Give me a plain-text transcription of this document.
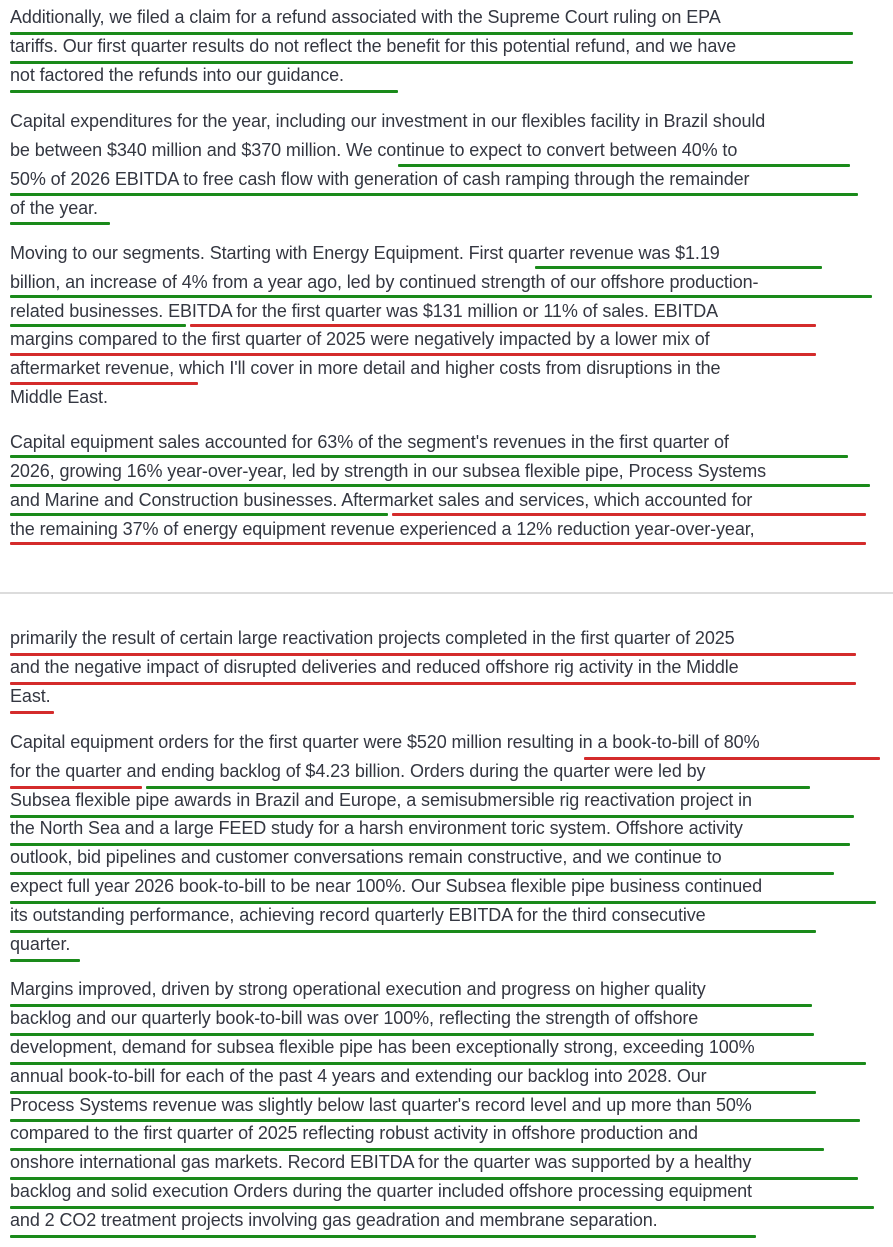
Additionally, we filed a claim for a refund associated with the Supreme Court ruling on EPA
tariffs. Our first quarter results do not reflect the benefit for this potential refund, and we have
not factored the refunds into our guidance.
Capital expenditures for the year, including our investment in our flexibles facility in Brazil should
be between $340 million and $370 million. We continue to expect to convert between 40% to
50% of 2026 EBITDA to free cash flow with generation of cash ramping through the remainder
of the year.
Moving to our segments. Starting with Energy Equipment. First quarter revenue was $1.19
billion, an increase of 4% from a year ago, led by continued strength of our offshore production-
related businesses. EBITDA for the first quarter was $131 million or 11% of sales. EBITDA
margins compared to the first quarter of 2025 were negatively impacted by a lower mix of
aftermarket revenue, which I'll cover in more detail and higher costs from disruptions in the
Middle East.
Capital equipment sales accounted for 63% of the segment's revenues in the first quarter of
2026, growing 16% year-over-year, led by strength in our subsea flexible pipe, Process Systems
and Marine and Construction businesses. Aftermarket sales and services, which accounted for
the remaining 37% of energy equipment revenue experienced a 12% reduction year-over-year,
primarily the result of certain large reactivation projects completed in the first quarter of 2025
and the negative impact of disrupted deliveries and reduced offshore rig activity in the Middle
East.
Capital equipment orders for the first quarter were $520 million resulting in a book-to-bill of 80%
for the quarter and ending backlog of $4.23 billion. Orders during the quarter were led by
Subsea flexible pipe awards in Brazil and Europe, a semisubmersible rig reactivation project in
the North Sea and a large FEED study for a harsh environment toric system. Offshore activity
outlook, bid pipelines and customer conversations remain constructive, and we continue to
expect full year 2026 book-to-bill to be near 100%. Our Subsea flexible pipe business continued
its outstanding performance, achieving record quarterly EBITDA for the third consecutive
quarter.
Margins improved, driven by strong operational execution and progress on higher quality
backlog and our quarterly book-to-bill was over 100%, reflecting the strength of offshore
development, demand for subsea flexible pipe has been exceptionally strong, exceeding 100%
annual book-to-bill for each of the past 4 years and extending our backlog into 2028. Our
Process Systems revenue was slightly below last quarter's record level and up more than 50%
compared to the first quarter of 2025 reflecting robust activity in offshore production and
onshore international gas markets. Record EBITDA for the quarter was supported by a healthy
backlog and solid execution Orders during the quarter included offshore processing equipment
and 2 CO2 treatment projects involving gas geadration and membrane separation.
